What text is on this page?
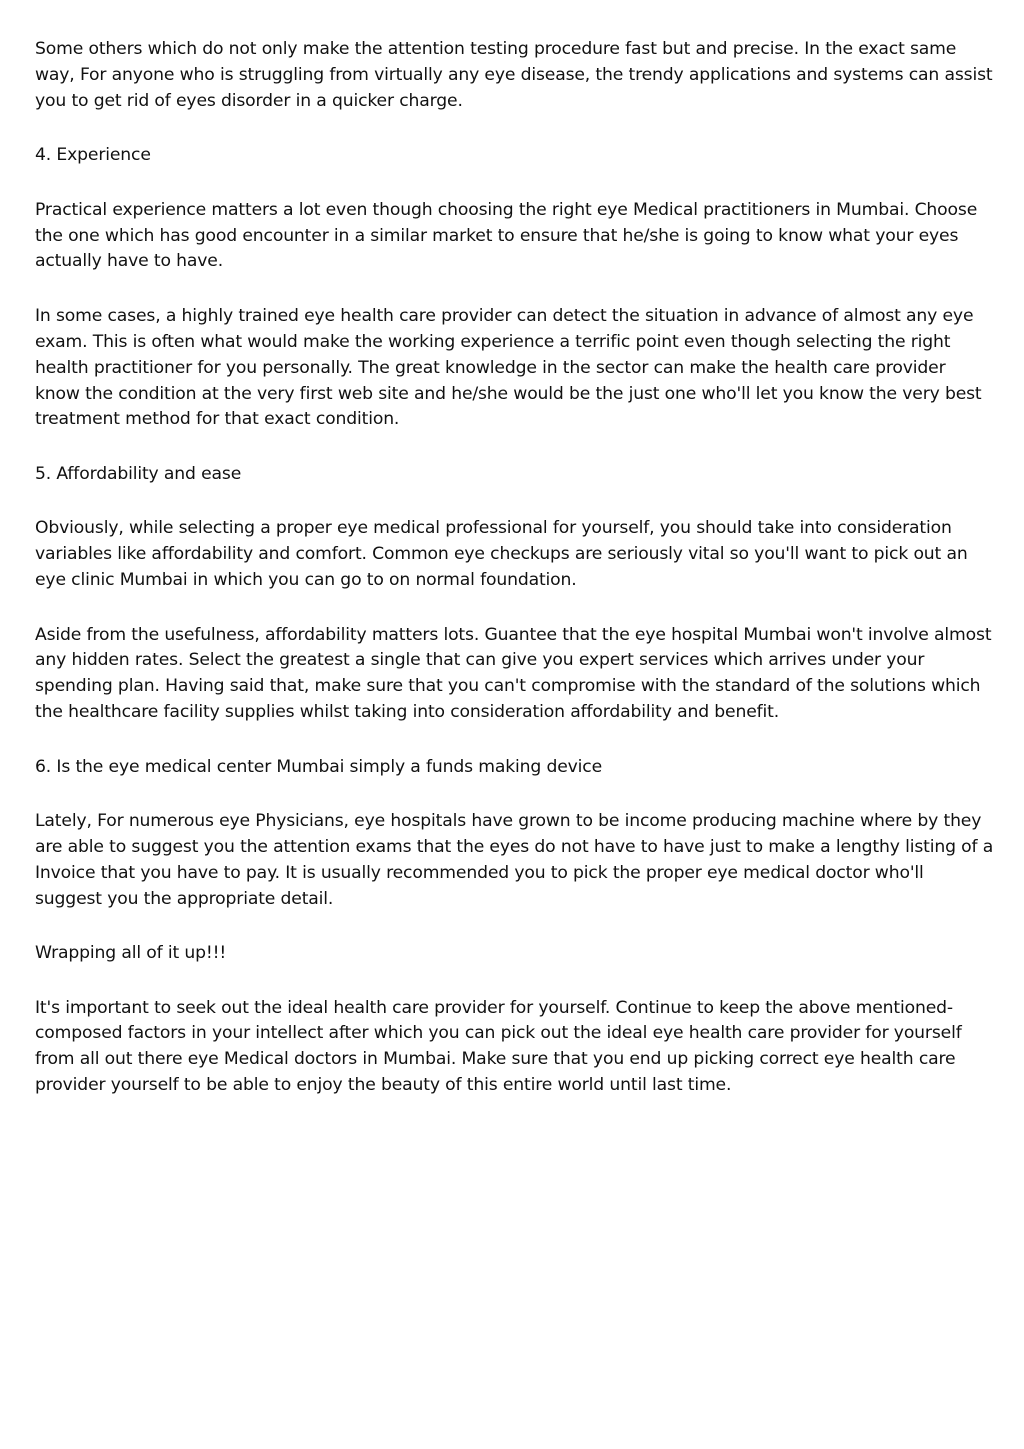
Some others which do not only make the attention testing procedure fast but and precise. In the exact same way, For anyone who is struggling from virtually any eye disease, the trendy applications and systems can assist you to get rid of eyes disorder in a quicker charge.

4. Experience

Practical experience matters a lot even though choosing the right eye Medical practitioners in Mumbai. Choose the one which has good encounter in a similar market to ensure that he/she is going to know what your eyes actually have to have.

In some cases, a highly trained eye health care provider can detect the situation in advance of almost any eye exam. This is often what would make the working experience a terrific point even though selecting the right health practitioner for you personally. The great knowledge in the sector can make the health care provider know the condition at the very first web site and he/she would be the just one who'll let you know the very best treatment method for that exact condition.

5. Affordability and ease

Obviously, while selecting a proper eye medical professional for yourself, you should take into consideration variables like affordability and comfort. Common eye checkups are seriously vital so you'll want to pick out an eye clinic Mumbai in which you can go to on normal foundation.

Aside from the usefulness, affordability matters lots. Guantee that the eye hospital Mumbai won't involve almost any hidden rates. Select the greatest a single that can give you expert services which arrives under your spending plan. Having said that, make sure that you can't compromise with the standard of the solutions which the healthcare facility supplies whilst taking into consideration affordability and benefit.

6. Is the eye medical center Mumbai simply a funds making device

Lately, For numerous eye Physicians, eye hospitals have grown to be income producing machine where by they are able to suggest you the attention exams that the eyes do not have to have just to make a lengthy listing of a Invoice that you have to pay. It is usually recommended you to pick the proper eye medical doctor who'll suggest you the appropriate detail.

Wrapping all of it up!!!

It's important to seek out the ideal health care provider for yourself. Continue to keep the above mentioned-composed factors in your intellect after which you can pick out the ideal eye health care provider for yourself from all out there eye Medical doctors in Mumbai. Make sure that you end up picking correct eye health care provider yourself to be able to enjoy the beauty of this entire world until last time.
